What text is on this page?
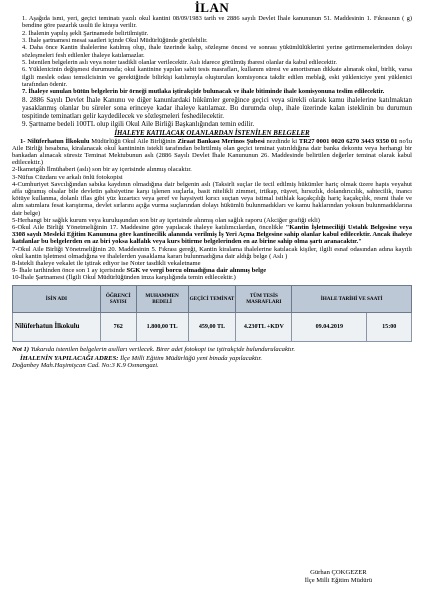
İLAN
1. Aşağıda ismi, yeri, geçici teminatı yazılı okul kantini 08/09/1983 tarih ve 2886 sayılı Devlet İhale kanununun 51. Maddesinin 1. Fıkrasının ( g) bendine göre pazarlık usulü ile kiraya verilir.
2. İhalenin yapılış şekli Şartnamede belirtilmiştir.
3. İhale şartnamesi mesai saatleri içinde Okul Müdürlüğünde görülebilir.
4. Daha önce Kantin ihalelerine katılmış olup, ihale üzerinde kalıp, sözleşme öncesi ve sonrası yükümlülüklerini yerine getirmemelerinden dolayı sözleşmeleri fesh edilenler ihaleye katılamazlar.
5. İstenilen belgelerin aslı veya noter tasdikli olanlar verilecektir. Aslı idarece görülmüş ibaresi olanlar da kabul edilecektir.
6. Yüklenicinin değişmesi durumunda; okul kantinine yapılan sabit tesis masrafları, kullanım süresi ve amortisman dikkate alınarak okul, birlik, varsa ilgili meslek odası temsilcisinin ve gerektiğinde bilirkişi katılımıyla oluşturulan komisyonca takdir edilen meblağ, eski yükleniciye yeni yüklenici tarafından ödenir.
7. İhaleye sunulan bütün belgelerin bir örneği mutlaka iştirakçide bulunacak ve ihale bitiminde ihale komisyonuna teslim edilecektir.
8. 2886 Sayılı Devlet İhale Kanunu ve diğer kanunlardaki hükümler gereğince geçici veya sürekli olarak kamu ihalelerine katılmaktan yasaklanmış olanlar bu süreler sona erinceye kadar ihaleye katılamaz. Bu durumda olup, ihale üzerinde kalan isteklinin bu durumun tespitinde teminatları gelir kaydedilecek ve sözleşmeleri feshedilecektir.
9. Şartname bedeli 100TL olup ilgili Okul Aile Birliği Başkanlığından temin edilir.
İHALEYE KATILACAK OLANLARDAN İSTENİLEN BELGELER

1- Nilüferhatun İlkokulu Müdürlüğü Okul Aile Birliğinin Ziraat Bankası Merinos Şubesi nezdinde ki TR27 0001 0020 6270 3443 9350 01 no'lu Aile Birliği hesabına, kiralanacak okul kantininin istekli tarafından belirtilmiş olan geçici teminat yatırıldığına dair banka dekontu veya herhangi bir bankadan alınacak süresiz Teminat Mektubunun aslı (2886 Sayılı Devlet İhale Kanununun 26. Maddesinde belirtilen değerler teminat olarak kabul edilecektir.)

2-İkametgâh İlmühaberi (aslı) son bir ay içerisinde alınmış olacaktır.

3-Nüfus Cüzdanı ve arkalı önlü fotokopisi

4-Cumhuriyet Savcılığından sabıka kaydının olmadığına dair belgenin aslı (Taksirli suçlar ile tecil edilmiş hükümler hariç olmak üzere hapis veyahut affa uğramış olsalar bile devletin şahsiyetine karşı işlenen suçlarla, basit nitelikli zimmet, irtikap, rüşvet, hırsızlık, dolandırıcılık, sahtecilik, inancı kötüye kullanma, dolanlı iflas gibi yüz kızartıcı veya şeref ve haysiyeti kırıcı suçtan veya istimal istihlak kaçakçılığı hariç kaçakçılık, resmi ihale ve alım satımlara fesat karıştırma, devlet sırlarını açığa vurma suçlarından dolayı hükümlü bulunmadıkları ve kamu haklarından yoksun bulunmadıklarına dair belge)

5-Herhangi bir sağlık kurum veya kuruluşundan son bir ay içerisinde alınmış olan sağlık raporu (Akciğer grafiği ekli)

6-Okul Aile Birliği Yönetmeliğinin 17. Maddesine göre yapılacak ihaleye katılımcılardan, öncelikle "Kantin İşletmeciliği Ustalık Belgesine veya 3308 sayılı Mesleki Eğitim Kanununa göre kantinecilik alanında verilmiş İş Yeri Açma Belgesine sahip olanlar kabul edilecektir. Ancak ihaleye katılanlar bu belgelerden en az biri yoksa kalfalık veya kurs bitirme belgelerinden en az birine sahip olma şartı aranacaktır."

7-Okul Aile Birliği Yönetmeliğinin 20. Maddesinin 5. Fıkrası gereği, Kantin kiralama ihalelerine katılacak kişiler, ilgili esnaf odasından adına kayıtlı okul kantin işletmesi olmadığına ve ihalelerden yasaklama kararı bulunmadığına dair aldığı belge ( Aslı )

8-İstekli ihaleye vekalet ile iştirak ediyor ise Noter tasdikli vekaletname

9- İhale tarihinden önce son 1 ay içerisinde SGK ve vergi borcu olmadığına dair alınmış belge

10-İhale Şartnamesi (İlgili Okul Müdürlüğünden imza karşılığında temin edilecektir.)

İSİN ADI	ÖĞRENCİ SAYISI	MUHAMMEN BEDELİ	GEÇİCİ TEMİNAT	TÜM TESİS MASRAFLARI	İHALE TARİHİ VE SAATİ	
Nilüferhatun İlkokulu	762	1.800,00 TL	459,00 TL	4.230TL +KDV	09.04.2019	15:00
Not 1) Yukarıda istenilen belgelerin asılları verilecek. Birer adet fotokopi ise iştirakçide bulundurulacaktır.
İHALENİN YAPILACAĞI ADRES: İlçe Milli Eğitim Müdürlüğü yeni binada yapılacaktır.
Doğanbey Mah.Haşimişcan Cad. No:3 K.9 Osmangazi.
Gürhan ÇOKGEZER
İlçe Milli Eğitim Müdürü
